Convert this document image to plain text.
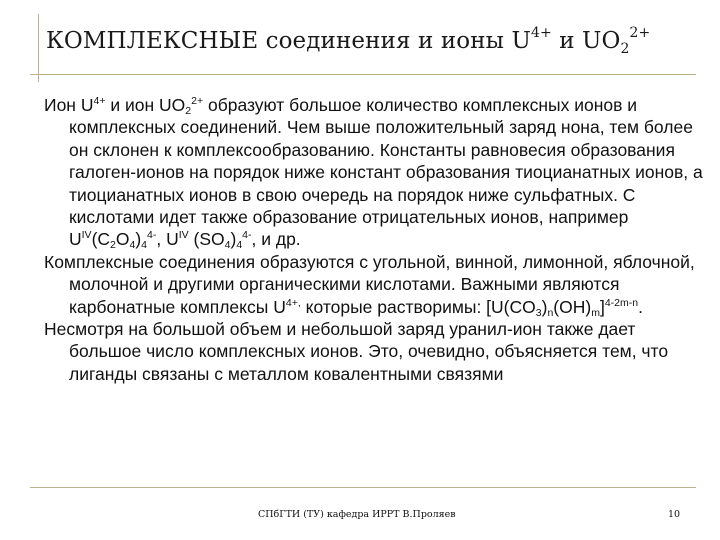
КОМПЛЕКСНЫЕ соединения и ионы $U^{4+}$ и $UO_2^{2+}$

Ион $U^{4+}$ и ион $UO_2^{2+}$ образуют большое количество комплексных ионов и комплексных соединений. Чем выше положительный заряд нона, тем более он склонен к комплексообразованию. Константы равновесия образования галоген-ионов на порядок ниже констант образования тиоцианатных ионов, а тиоцианатных ионов в свою очередь на порядок ниже сульфатных. С кислотами идет также образование отрицательных ионов, например $U^{IV}(C_2O_4)_4^{4-}$, $U^{IV}$ $(SO_4)_4^{4-}$, и др.

Комплексные соединения образуются с угольной, винной, лимонной, яблочной, молочной и другими органическими кислотами. Важными являются карбонатные комплексы $U^{4+,}$ которые растворимы: $[U(CO_3)_n(OH)_m]^{4-2m-n}$.

Несмотря на большой объем и небольшой заряд уранил-ион также дает большое число комплексных ионов. Это, очевидно, объясняется тем, что лиганды связаны с металлом ковалентными связями

СПбГТИ (ТУ) кафедра ИРРТ В.Проляев	10
